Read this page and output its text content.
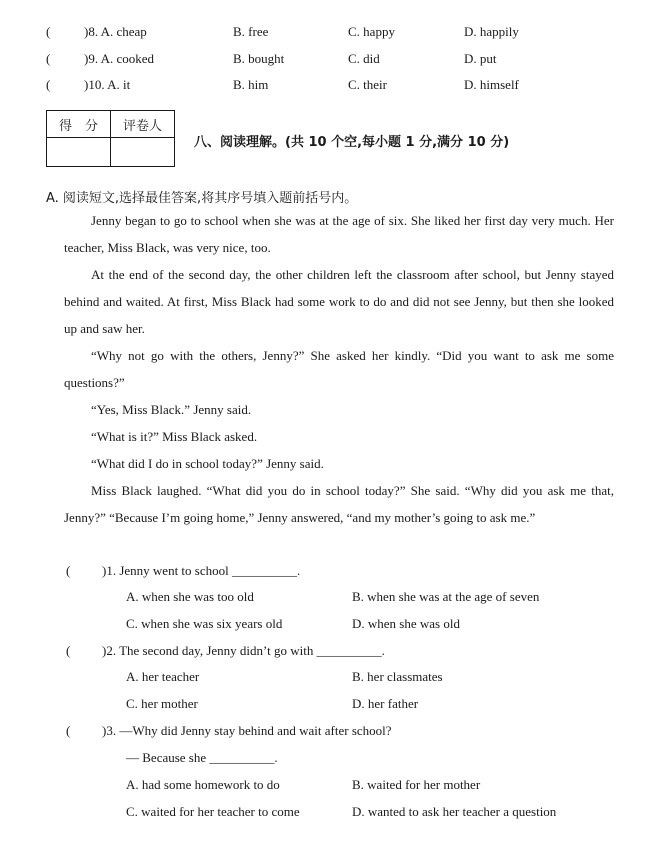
(	)8. A. cheap	B. free	C. happy	D. happily
(	)9. A. cooked	B. bought	C. did	D. put
(	)10. A. it	B. him	C. their	D. himself
得　分	评卷人

八、阅读理解。(共 10 个空,每小题 1 分,满分 10 分)
A. 阅读短文,选择最佳答案,将其序号填入题前括号内。

Jenny began to go to school when she was at the age of six. She liked her first day very much. Her teacher, Miss Black, was very nice, too.

At the end of the second day, the other children left the classroom after school, but Jenny stayed behind and waited. At first, Miss Black had some work to do and did not see Jenny, but then she looked up and saw her.

“Why not go with the others, Jenny?” She asked her kindly. “Did you want to ask me some questions?”

“Yes, Miss Black.” Jenny said.

“What is it?” Miss Black asked.

“What did I do in school today?” Jenny said.

Miss Black laughed. “What did you do in school today?” She said. “Why did you ask me that, Jenny?” “Because I’m going home,” Jenny answered, “and my mother’s going to ask me.”

( )1. Jenny went to school __________.
A. when she was too old	B. when she was at the age of seven
C. when she was six years old	D. when she was old
( )2. The second day, Jenny didn’t go with __________.
A. her teacher	B. her classmates
C. her mother	D. her father
( )3. —Why did Jenny stay behind and wait after school?
— Because she __________.
A. had some homework to do	B. waited for her mother
C. waited for her teacher to come	D. wanted to ask her teacher a question
